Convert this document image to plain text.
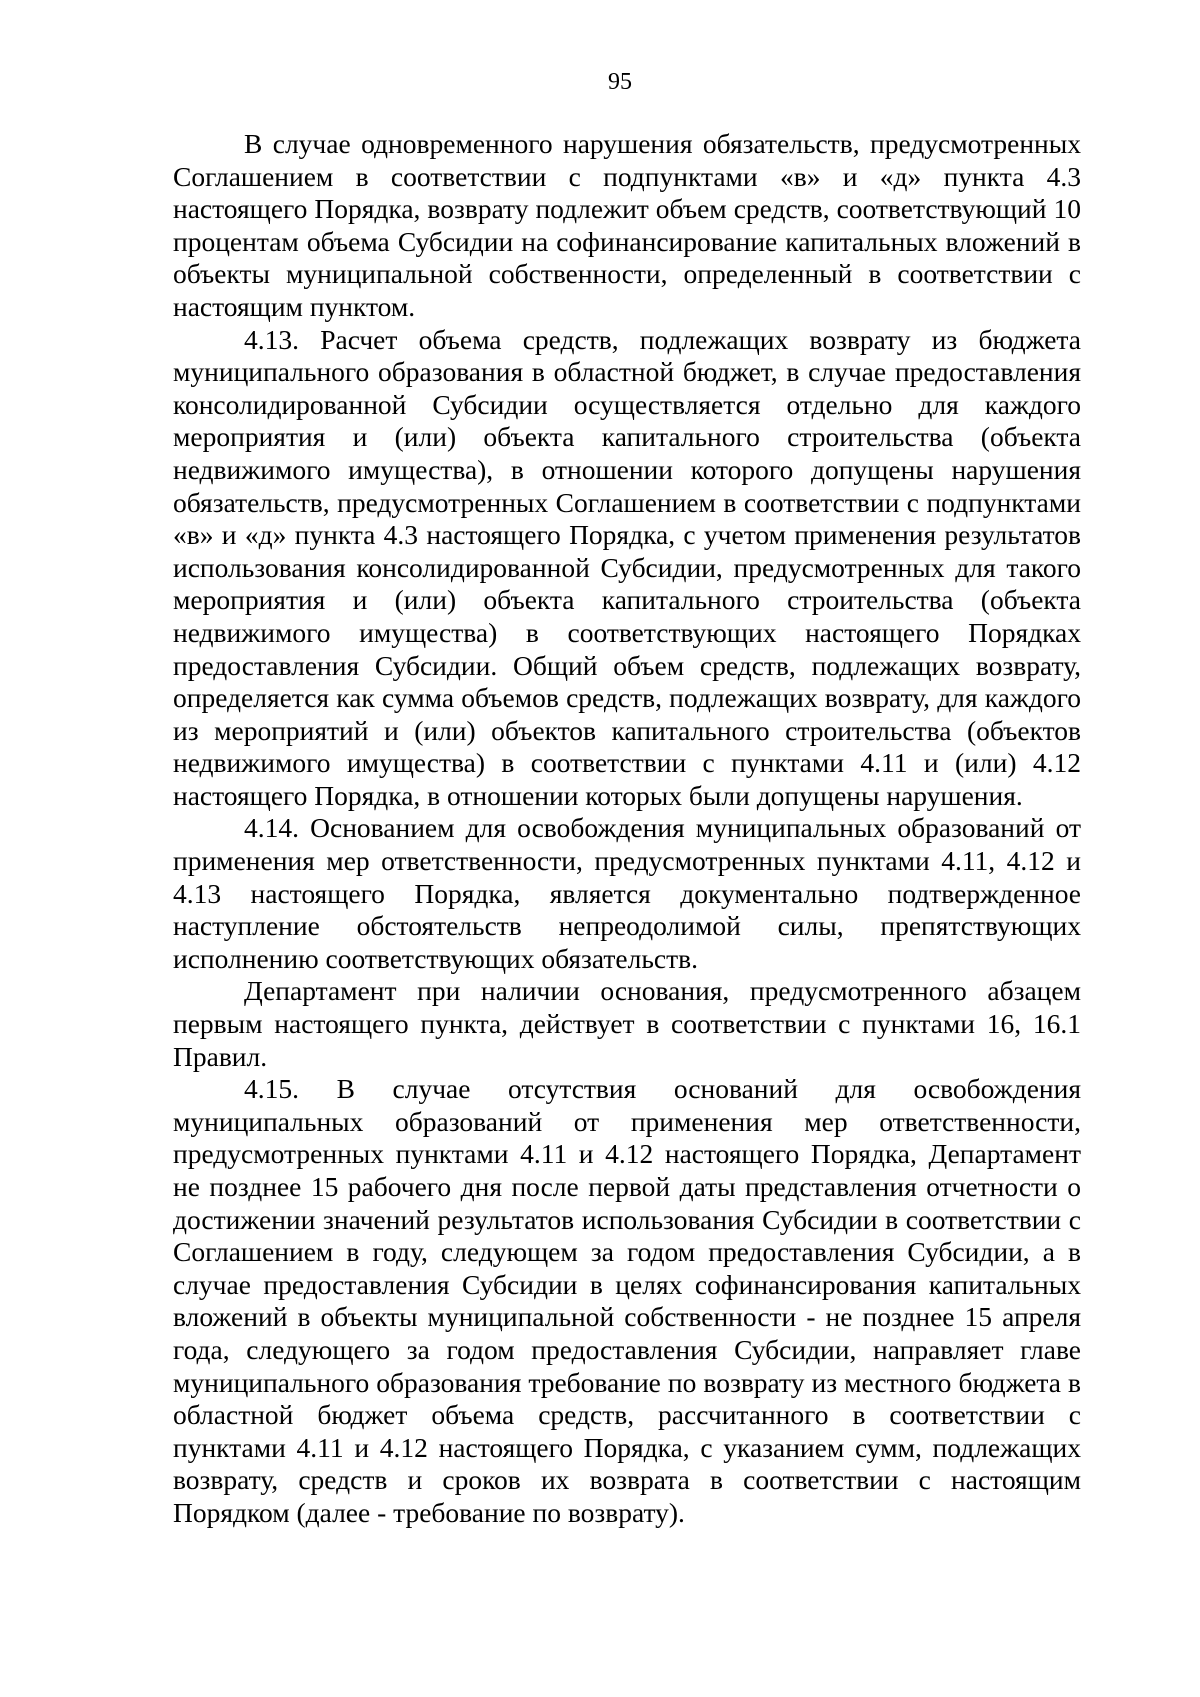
95

В случае одновременного нарушения обязательств, предусмотренных Соглашением в соответствии с подпунктами «в» и «д» пункта 4.3 настоящего Порядка, возврату подлежит объем средств, соответствующий 10 процентам объема Субсидии на софинансирование капитальных вложений в объекты муниципальной собственности, определенный в соответствии с настоящим пунктом.

4.13. Расчет объема средств, подлежащих возврату из бюджета муниципального образования в областной бюджет, в случае предоставления консолидированной Субсидии осуществляется отдельно для каждого мероприятия и (или) объекта капитального строительства (объекта недвижимого имущества), в отношении которого допущены нарушения обязательств, предусмотренных Соглашением в соответствии с подпунктами «в» и «д» пункта 4.3 настоящего Порядка, с учетом применения результатов использования консолидированной Субсидии, предусмотренных для такого мероприятия и (или) объекта капитального строительства (объекта недвижимого имущества) в соответствующих настоящего Порядках предоставления Субсидии. Общий объем средств, подлежащих возврату, определяется как сумма объемов средств, подлежащих возврату, для каждого из мероприятий и (или) объектов капитального строительства (объектов недвижимого имущества) в соответствии с пунктами 4.11 и (или) 4.12 настоящего Порядка, в отношении которых были допущены нарушения.

4.14. Основанием для освобождения муниципальных образований от применения мер ответственности, предусмотренных пунктами 4.11, 4.12 и 4.13 настоящего Порядка, является документально подтвержденное наступление обстоятельств непреодолимой силы, препятствующих исполнению соответствующих обязательств.

Департамент при наличии основания, предусмотренного абзацем первым настоящего пункта, действует в соответствии с пунктами 16, 16.1 Правил.

4.15. В случае отсутствия оснований для освобождения муниципальных образований от применения мер ответственности, предусмотренных пунктами 4.11 и 4.12 настоящего Порядка, Департамент не позднее 15 рабочего дня после первой даты представления отчетности о достижении значений результатов использования Субсидии в соответствии с Соглашением в году, следующем за годом предоставления Субсидии, а в случае предоставления Субсидии в целях софинансирования капитальных вложений в объекты муниципальной собственности - не позднее 15 апреля года, следующего за годом предоставления Субсидии, направляет главе муниципального образования требование по возврату из местного бюджета в областной бюджет объема средств, рассчитанного в соответствии с пунктами 4.11 и 4.12 настоящего Порядка, с указанием сумм, подлежащих возврату, средств и сроков их возврата в соответствии с настоящим Порядком (далее - требование по возврату).
